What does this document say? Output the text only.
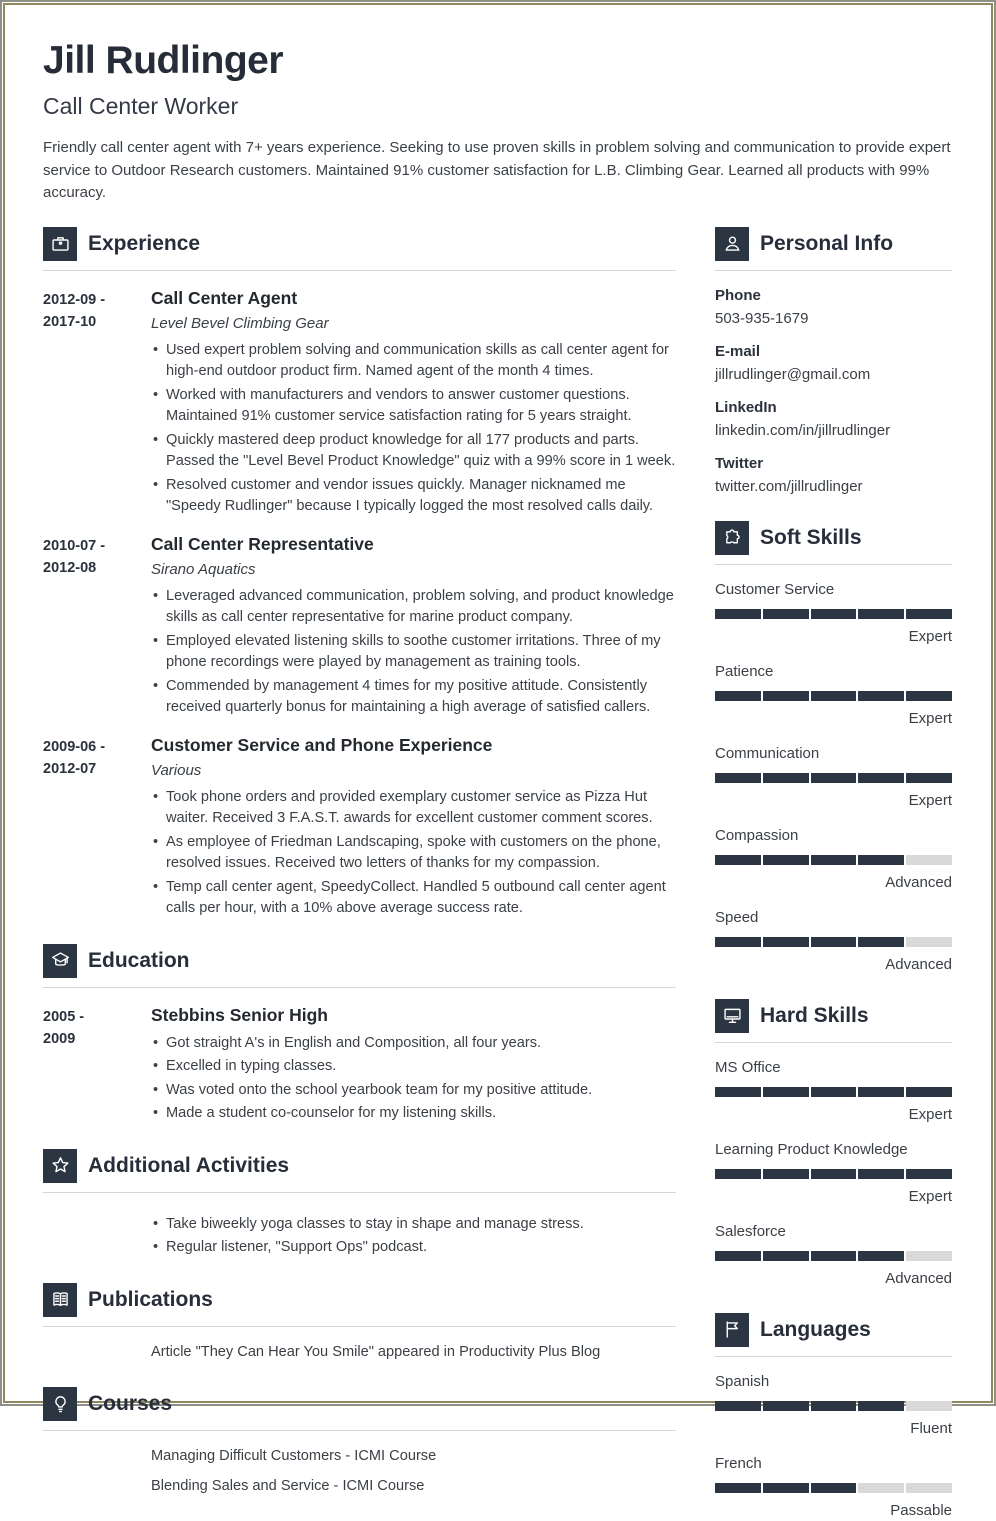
Jill Rudlinger
Call Center Worker

Friendly call center agent with 7+ years experience. Seeking to use proven skills in problem solving and communication to provide expert service to Outdoor Research customers. Maintained 91% customer satisfaction for L.B. Climbing Gear. Learned all products with 99% accuracy.

Experience
2012-09 -
2017-10
Call Center Agent
Level Bevel Climbing Gear
• Used expert problem solving and communication skills as call center agent for high-end outdoor product firm. Named agent of the month 4 times.
• Worked with manufacturers and vendors to answer customer questions. Maintained 91% customer service satisfaction rating for 5 years straight.
• Quickly mastered deep product knowledge for all 177 products and parts. Passed the "Level Bevel Product Knowledge" quiz with a 99% score in 1 week.
• Resolved customer and vendor issues quickly. Manager nicknamed me "Speedy Rudlinger" because I typically logged the most resolved calls daily.
2010-07 -
2012-08
Call Center Representative
Sirano Aquatics
• Leveraged advanced communication, problem solving, and product knowledge skills as call center representative for marine product company.
• Employed elevated listening skills to soothe customer irritations. Three of my phone recordings were played by management as training tools.
• Commended by management 4 times for my positive attitude. Consistently received quarterly bonus for maintaining a high average of satisfied callers.
2009-06 -
2012-07
Customer Service and Phone Experience
Various
• Took phone orders and provided exemplary customer service as Pizza Hut waiter. Received 3 F.A.S.T. awards for excellent customer comment scores.
• As employee of Friedman Landscaping, spoke with customers on the phone, resolved issues. Received two letters of thanks for my compassion.
• Temp call center agent, SpeedyCollect. Handled 5 outbound call center agent calls per hour, with a 10% above average success rate.
Education
2005 -
2009
Stebbins Senior High
• Got straight A's in English and Composition, all four years.
• Excelled in typing classes.
• Was voted onto the school yearbook team for my positive attitude.
• Made a student co-counselor for my listening skills.
Additional Activities
• Take biweekly yoga classes to stay in shape and manage stress.
• Regular listener, "Support Ops" podcast.
Publications
Article "They Can Hear You Smile" appeared in Productivity Plus Blog
Courses
Managing Difficult Customers - ICMI Course
Blending Sales and Service - ICMI Course
Personal Info
Phone
503-935-1679
E-mail
jillrudlinger@gmail.com
LinkedIn
linkedin.com/in/jillrudlinger
Twitter
twitter.com/jillrudlinger
Soft Skills
Customer Service
Expert
Patience
Expert
Communication
Expert
Compassion
Advanced
Speed
Advanced
Hard Skills
MS Office
Expert
Learning Product Knowledge
Expert
Salesforce
Advanced
Languages
Spanish
Fluent
French
Passable
